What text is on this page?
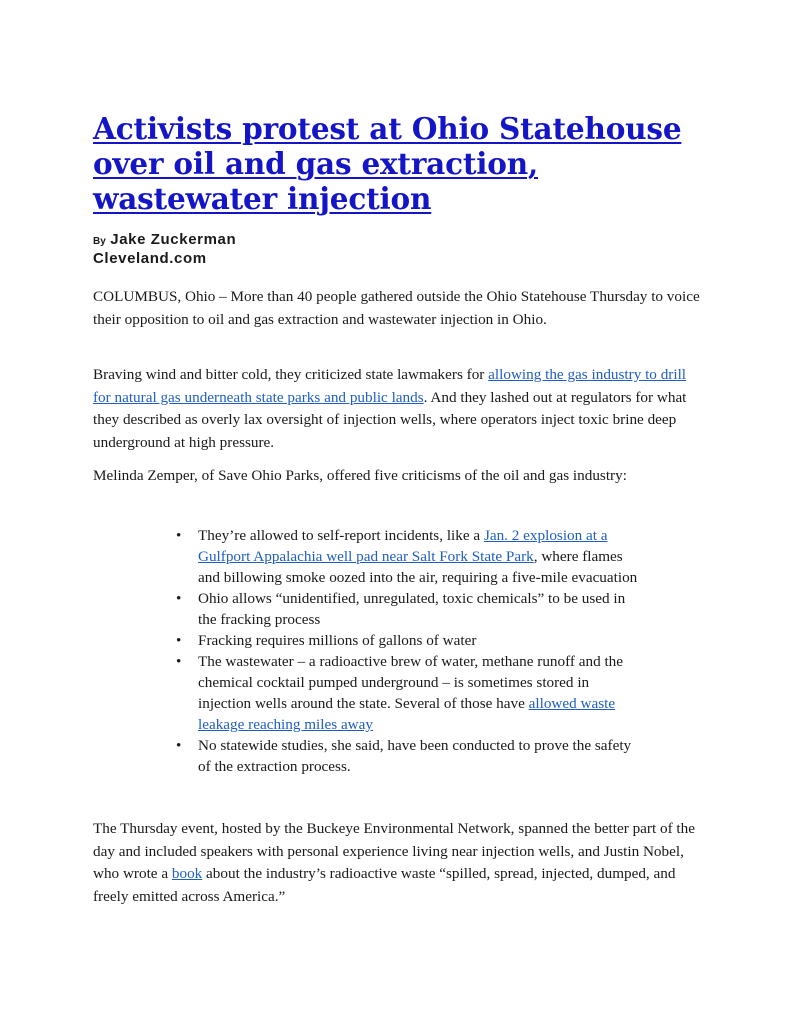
Activists protest at Ohio Statehouse over oil and gas extraction, wastewater injection
By Jake Zuckerman
Cleveland.com

COLUMBUS, Ohio – More than 40 people gathered outside the Ohio Statehouse Thursday to voice their opposition to oil and gas extraction and wastewater injection in Ohio.

Braving wind and bitter cold, they criticized state lawmakers for allowing the gas industry to drill for natural gas underneath state parks and public lands. And they lashed out at regulators for what they described as overly lax oversight of injection wells, where operators inject toxic brine deep underground at high pressure.

Melinda Zemper, of Save Ohio Parks, offered five criticisms of the oil and gas industry:

• They’re allowed to self-report incidents, like a Jan. 2 explosion at a Gulfport Appalachia well pad near Salt Fork State Park, where flames and billowing smoke oozed into the air, requiring a five-mile evacuation
• Ohio allows “unidentified, unregulated, toxic chemicals” to be used in the fracking process
• Fracking requires millions of gallons of water
• The wastewater – a radioactive brew of water, methane runoff and the chemical cocktail pumped underground – is sometimes stored in injection wells around the state. Several of those have allowed waste leakage reaching miles away
• No statewide studies, she said, have been conducted to prove the safety of the extraction process.

The Thursday event, hosted by the Buckeye Environmental Network, spanned the better part of the day and included speakers with personal experience living near injection wells, and Justin Nobel, who wrote a book about the industry’s radioactive waste “spilled, spread, injected, dumped, and freely emitted across America.”
